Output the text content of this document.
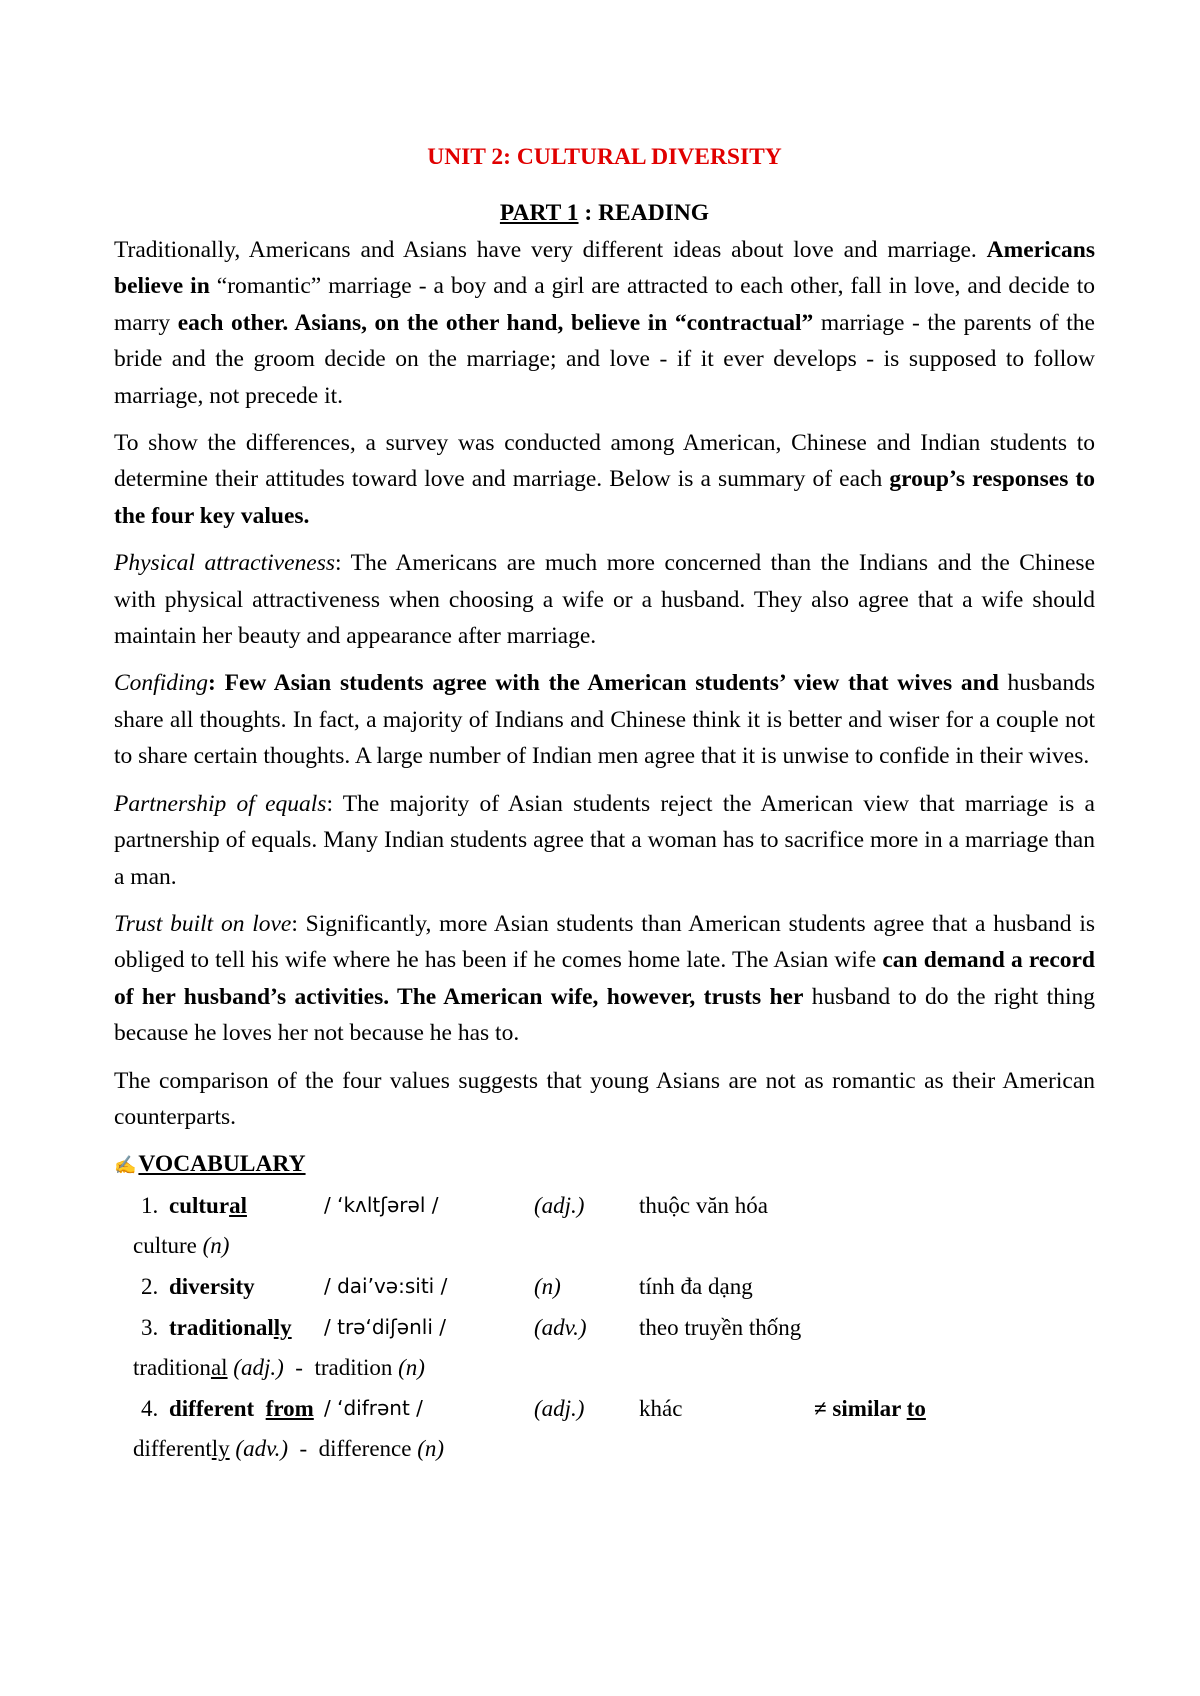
UNIT 2: CULTURAL DIVERSITY
PART 1 : READING

Traditionally, Americans and Asians have very different ideas about love and marriage. Americans believe in “romantic” marriage - a boy and a girl are attracted to each other, fall in love, and decide to marry each other. Asians, on the other hand, believe in “contractual” marriage - the parents of the bride and the groom decide on the marriage; and love - if it ever develops - is supposed to follow marriage, not precede it.

To show the differences, a survey was conducted among American, Chinese and Indian students to determine their attitudes toward love and marriage. Below is a summary of each group’s responses to the four key values.

Physical attractiveness: The Americans are much more concerned than the Indians and the Chinese with physical attractiveness when choosing a wife or a husband. They also agree that a wife should maintain her beauty and appearance after marriage.

Confiding: Few Asian students agree with the American students’ view that wives and husbands share all thoughts. In fact, a majority of Indians and Chinese think it is better and wiser for a couple not to share certain thoughts. A large number of Indian men agree that it is unwise to confide in their wives.

Partnership of equals: The majority of Asian students reject the American view that marriage is a partnership of equals. Many Indian students agree that a woman has to sacrifice more in a marriage than a man.

Trust built on love: Significantly, more Asian students than American students agree that a husband is obliged to tell his wife where he has been if he comes home late. The Asian wife can demand a record of her husband’s activities. The American wife, however, trusts her husband to do the right thing because he loves her not because he has to.

The comparison of the four values suggests that young Asians are not as romantic as their American counterparts.

✍VOCABULARY
1. cultural	/ ‘kʌltʃərəl /	(adj.) thuộc văn hóa
culture (n)
2. diversity	/ dai’və:siti /	(n)	tính đa dạng
3. traditionally / trə‘diʃənli /	(adv.) theo truyền thống
traditional (adj.)  -  tradition (n)
4. different from / ‘difrənt /	(adj.) khác	≠ similar to
differently (adv.)  -  difference (n)
